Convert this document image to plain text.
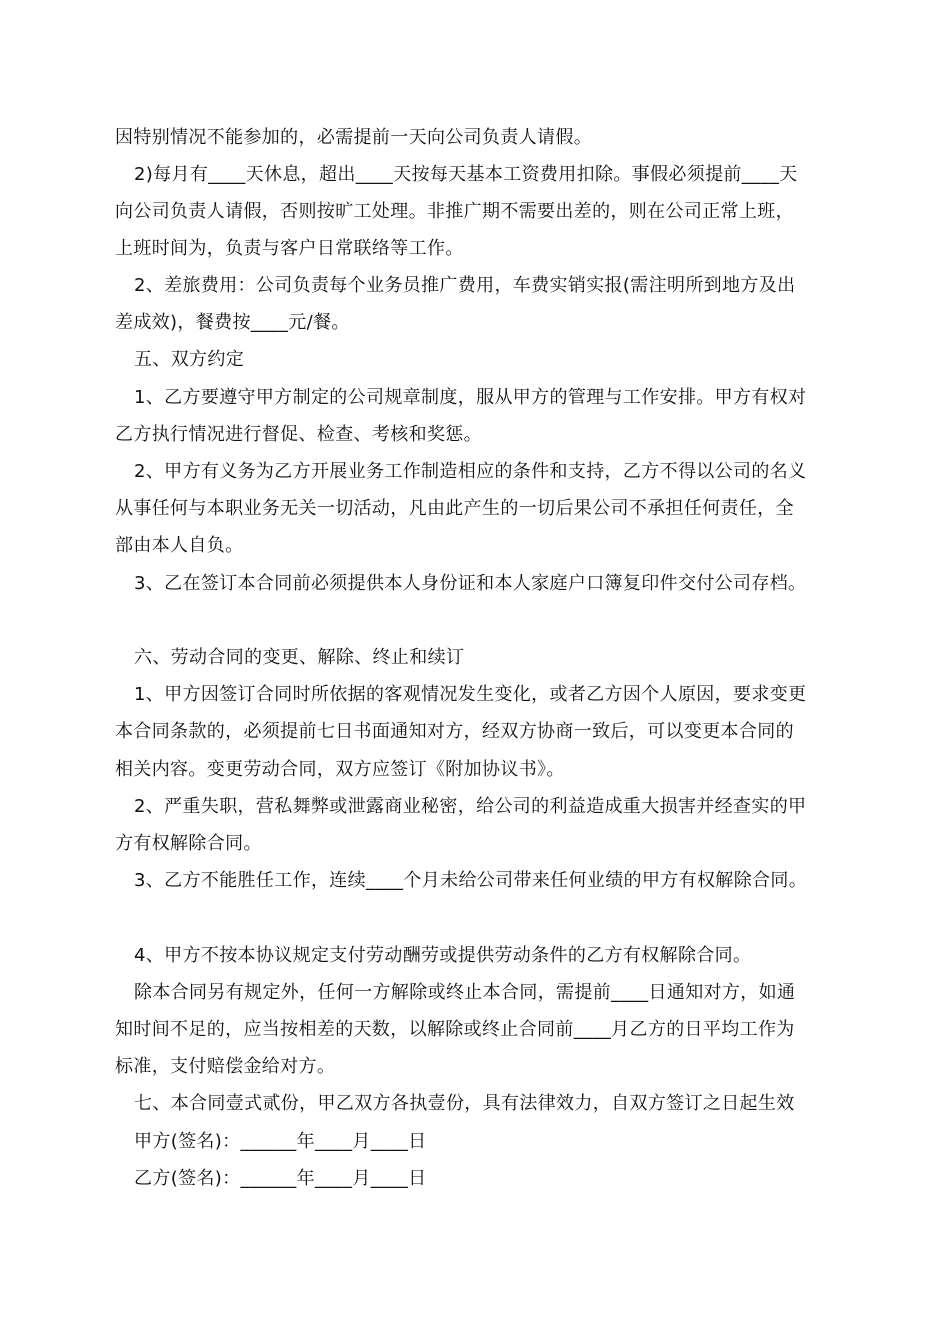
因特别情况不能参加的，必需提前一天向公司负责人请假。
2)每月有____天休息，超出____天按每天基本工资费用扣除。事假必须提前____天
向公司负责人请假，否则按旷工处理。非推广期不需要出差的，则在公司正常上班，
上班时间为，负责与客户日常联络等工作。
2、差旅费用：公司负责每个业务员推广费用，车费实销实报(需注明所到地方及出
差成效)，餐费按____元/餐。
五、双方约定
1、乙方要遵守甲方制定的公司规章制度，服从甲方的管理与工作安排。甲方有权对
乙方执行情况进行督促、检查、考核和奖惩。
2、甲方有义务为乙方开展业务工作制造相应的条件和支持，乙方不得以公司的名义
从事任何与本职业务无关一切活动，凡由此产生的一切后果公司不承担任何责任，全
部由本人自负。
3、乙在签订本合同前必须提供本人身份证和本人家庭户口簿复印件交付公司存档。
六、劳动合同的变更、解除、终止和续订
1、甲方因签订合同时所依据的客观情况发生变化，或者乙方因个人原因，要求变更
本合同条款的，必须提前七日书面通知对方，经双方协商一致后，可以变更本合同的
相关内容。变更劳动合同，双方应签订《附加协议书》。
2、严重失职，营私舞弊或泄露商业秘密，给公司的利益造成重大损害并经查实的甲
方有权解除合同。
3、乙方不能胜任工作，连续____个月未给公司带来任何业绩的甲方有权解除合同。
4、甲方不按本协议规定支付劳动酬劳或提供劳动条件的乙方有权解除合同。
除本合同另有规定外，任何一方解除或终止本合同，需提前____日通知对方，如通
知时间不足的，应当按相差的天数，以解除或终止合同前____月乙方的日平均工作为
标准，支付赔偿金给对方。
七、本合同壹式贰份，甲乙双方各执壹份，具有法律效力，自双方签订之日起生效
甲方(签名)：______年____月____日
乙方(签名)：______年____月____日
